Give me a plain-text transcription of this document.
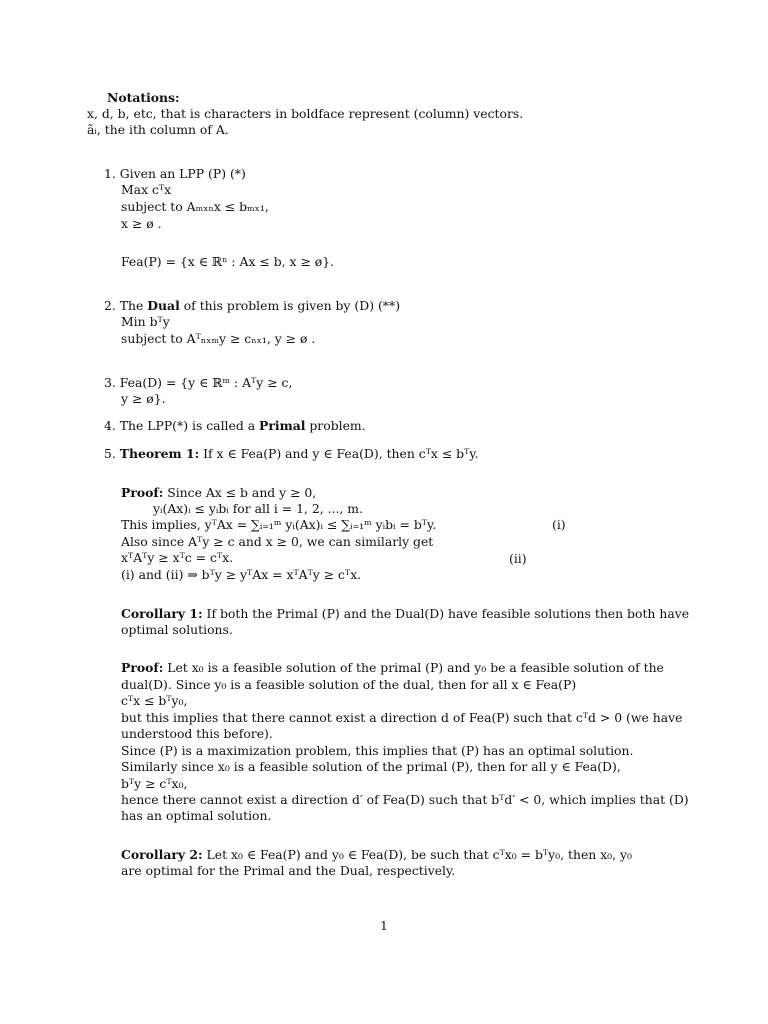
Notations:
x, d, b, etc, that is characters in boldface represent (column) vectors.
ãᵢ, the ith column of A.
1. Given an LPP (P) (*)
Max cᵀx
subject to Aₘₓₙx ≤ bₘₓ₁,
x ≥ ø .
Fea(P) = {x ∈ ℝⁿ : Ax ≤ b, x ≥ ø}.
2. The Dual of this problem is given by (D) (**)
Min bᵀy
subject to Aᵀₙₓₘy ≥ cₙₓ₁, y ≥ ø .
3. Fea(D) = {y ∈ ℝᵐ : Aᵀy ≥ c,
y ≥ ø}.
4. The LPP(*) is called a Primal problem.
5. Theorem 1: If x ∈ Fea(P) and y ∈ Fea(D), then cᵀx ≤ bᵀy.
Proof: Since Ax ≤ b and y ≥ 0,
yᵢ(Ax)ᵢ ≤ yᵢbᵢ for all i = 1, 2, ..., m.
This implies, yᵀAx = ∑ᵢ₌₁ᵐ yᵢ(Ax)ᵢ ≤ ∑ᵢ₌₁ᵐ yᵢbᵢ = bᵀy.	(i)
Also since Aᵀy ≥ c and x ≥ 0, we can similarly get
xᵀAᵀy ≥ xᵀc = cᵀx.	(ii)
(i) and (ii) ⇒ bᵀy ≥ yᵀAx = xᵀAᵀy ≥ cᵀx.
Corollary 1: If both the Primal (P) and the Dual(D) have feasible solutions then both have
optimal solutions.
Proof: Let x₀ is a feasible solution of the primal (P) and y₀ be a feasible solution of the
dual(D). Since y₀ is a feasible solution of the dual, then for all x ∈ Fea(P)
cᵀx ≤ bᵀy₀,
but this implies that there cannot exist a direction d of Fea(P) such that cᵀd > 0 (we have
understood this before).
Since (P) is a maximization problem, this implies that (P) has an optimal solution.
Similarly since x₀ is a feasible solution of the primal (P), then for all y ∈ Fea(D),
bᵀy ≥ cᵀx₀,
hence there cannot exist a direction d′ of Fea(D) such that bᵀd′ < 0, which implies that (D)
has an optimal solution.
Corollary 2: Let x₀ ∈ Fea(P) and y₀ ∈ Fea(D), be such that cᵀx₀ = bᵀy₀, then x₀, y₀
are optimal for the Primal and the Dual, respectively.
1
